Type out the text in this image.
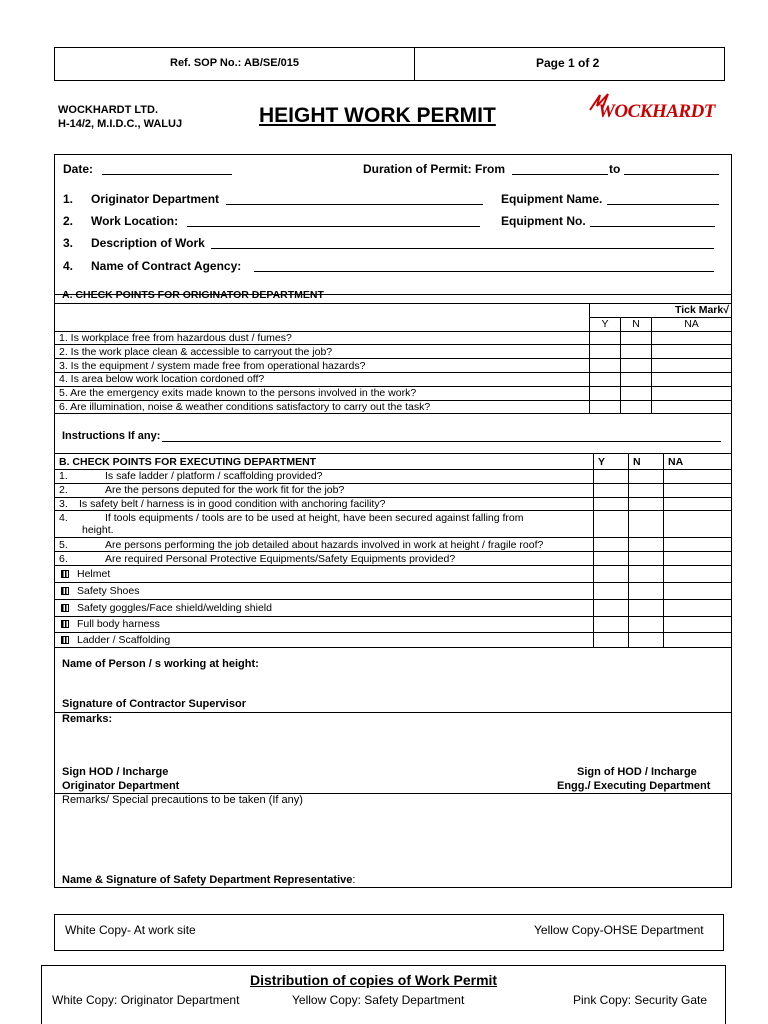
Ref. SOP No.: AB/SE/015	Page 1 of 2
WOCKHARDT LTD.
H-14/2, M.I.D.C., WALUJ	HEIGHT WORK PERMIT	WOCKHARDT
Date:	Duration of Permit: From	to
1. Originator Department	Equipment Name.
2. Work Location:	Equipment No.
3. Description of Work
4. Name of Contract Agency:
A. CHECK POINTS FOR ORIGINATOR DEPARTMENT
	Tick Mark√		
	Y	N	NA
1. Is workplace free from hazardous dust / fumes?			
2. Is the work place clean & accessible to carryout the job?			
3. Is the equipment / system made free from operational hazards?			
4. Is area below work location cordoned off?			
5. Are the emergency exits made known to the persons involved in the work?			
6. Are illumination, noise & weather conditions satisfactory to carry out the task?			
Instructions If any:
B. CHECK POINTS FOR EXECUTING DEPARTMENT	Y	N	NA
1. Is safe ladder / platform / scaffolding provided?			
2. Are the persons deputed for the work fit for the job?			
3. Is safety belt / harness is in good condition with anchoring facility?			

4. If tools equipments / tools are to be used at height, have been secured against falling from
height.			

5. Are persons performing the job detailed about hazards involved in work at height / fragile roof?			
6. Are required Personal Protective Equipments/Safety Equipments provided?			
Helmet			
Safety Shoes			
Safety goggles/Face shield/welding shield			
Full body harness			
Ladder / Scaffolding			
Name of Person / s working at height:
Signature of Contractor Supervisor
Remarks:
Sign HOD / Incharge
Originator Department
Sign of HOD / Incharge
Engg./ Executing Department
Remarks/ Special precautions to be taken (If any)
Name & Signature of Safety Department Representative:
White Copy- At work site	Yellow Copy-OHSE Department
Distribution of copies of Work Permit
White Copy: Originator Department	Yellow Copy: Safety Department	Pink Copy: Security Gate
